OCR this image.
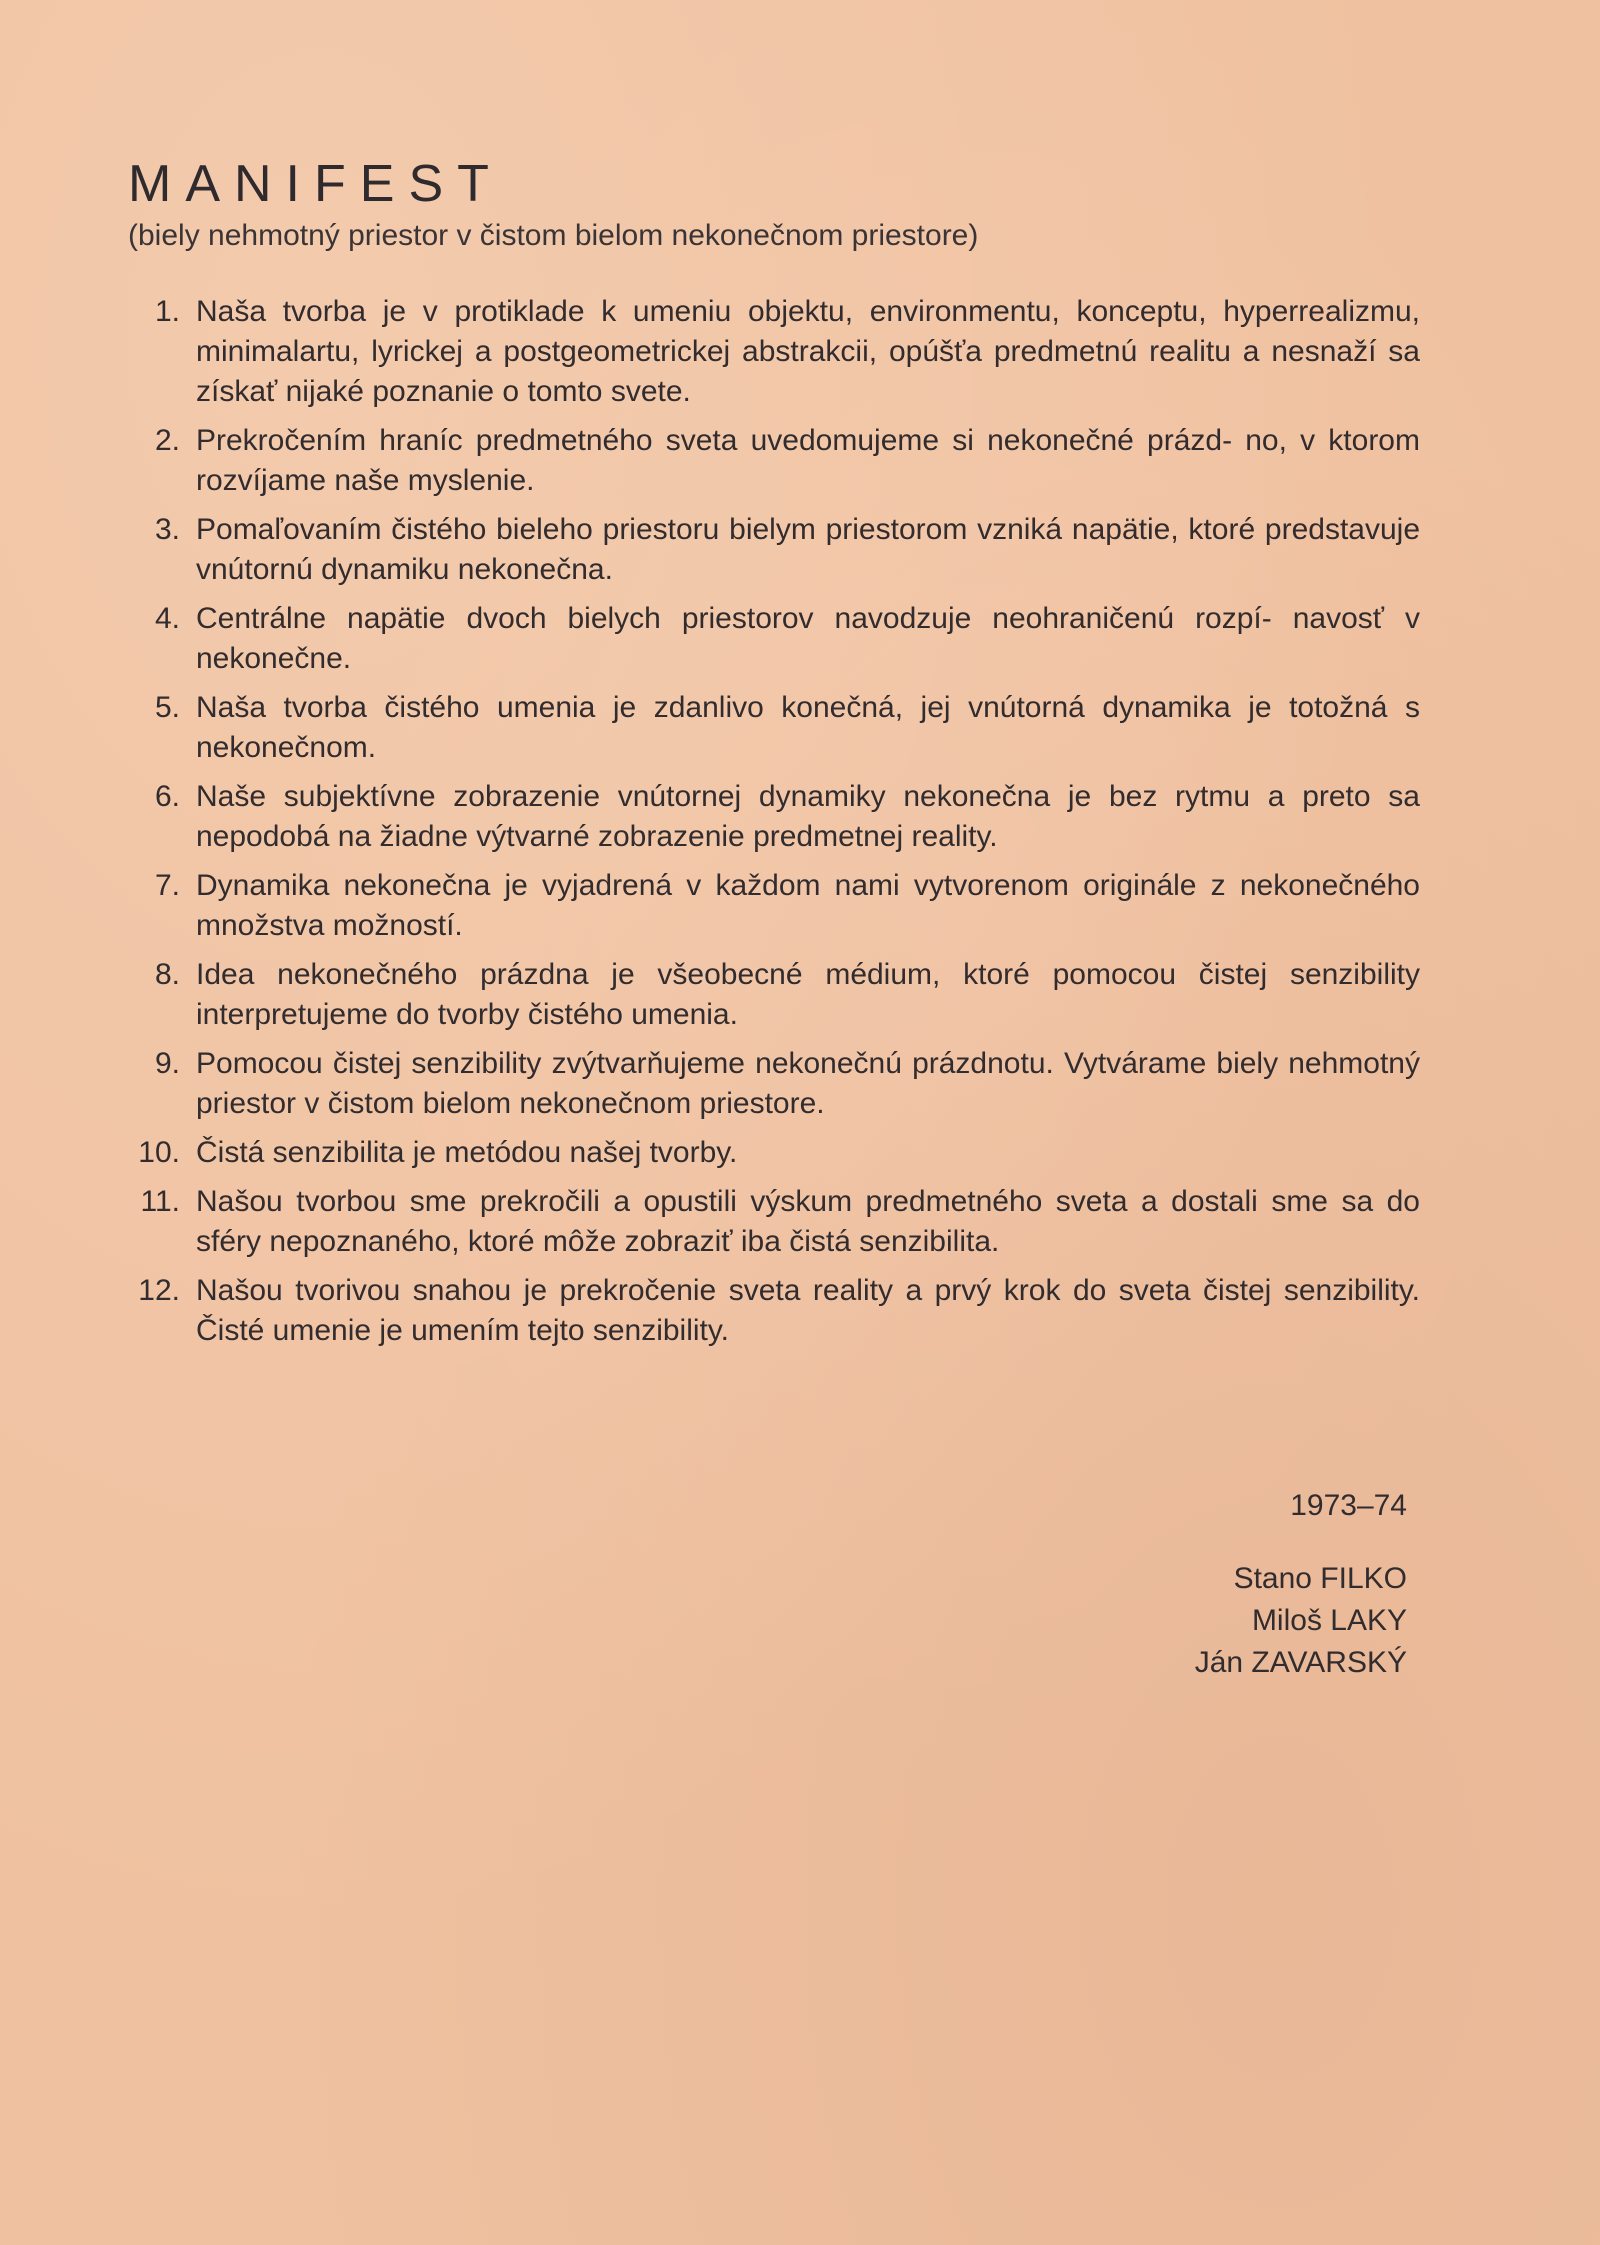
MANIFEST

(biely nehmotný priestor v čistom bielom nekonečnom priestore)

1. Naša tvorba je v protiklade k umeniu objektu, environmentu, konceptu, hyperrealizmu, minimalartu, lyrickej a postgeometrickej abstrakcii, opúšťa predmetnú realitu a nesnaží sa získať nijaké poznanie o tomto svete.
2. Prekročením hraníc predmetného sveta uvedomujeme si nekonečné prázd- no, v ktorom rozvíjame naše myslenie.
3. Pomaľovaním čistého bieleho priestoru bielym priestorom vzniká napätie, ktoré predstavuje vnútornú dynamiku nekonečna.
4. Centrálne napätie dvoch bielych priestorov navodzuje neohraničenú rozpí- navosť v nekonečne.
5. Naša tvorba čistého umenia je zdanlivo konečná, jej vnútorná dynamika je totožná s nekonečnom.
6. Naše subjektívne zobrazenie vnútornej dynamiky nekonečna je bez rytmu a preto sa nepodobá na žiadne výtvarné zobrazenie predmetnej reality.
7. Dynamika nekonečna je vyjadrená v každom nami vytvorenom originále z nekonečného množstva možností.
8. Idea nekonečného prázdna je všeobecné médium, ktoré pomocou čistej senzibility interpretujeme do tvorby čistého umenia.
9. Pomocou čistej senzibility zvýtvarňujeme nekonečnú prázdnotu. Vytvárame biely nehmotný priestor v čistom bielom nekonečnom priestore.
10. Čistá senzibilita je metódou našej tvorby.
11. Našou tvorbou sme prekročili a opustili výskum predmetného sveta a dostali sme sa do sféry nepoznaného, ktoré môže zobraziť iba čistá senzibilita.
12. Našou tvorivou snahou je prekročenie sveta reality a prvý krok do sveta čistej senzibility. Čisté umenie je umením tejto senzibility.
1973–74
Stano FILKO
Miloš LAKY
Ján ZAVARSKÝ
